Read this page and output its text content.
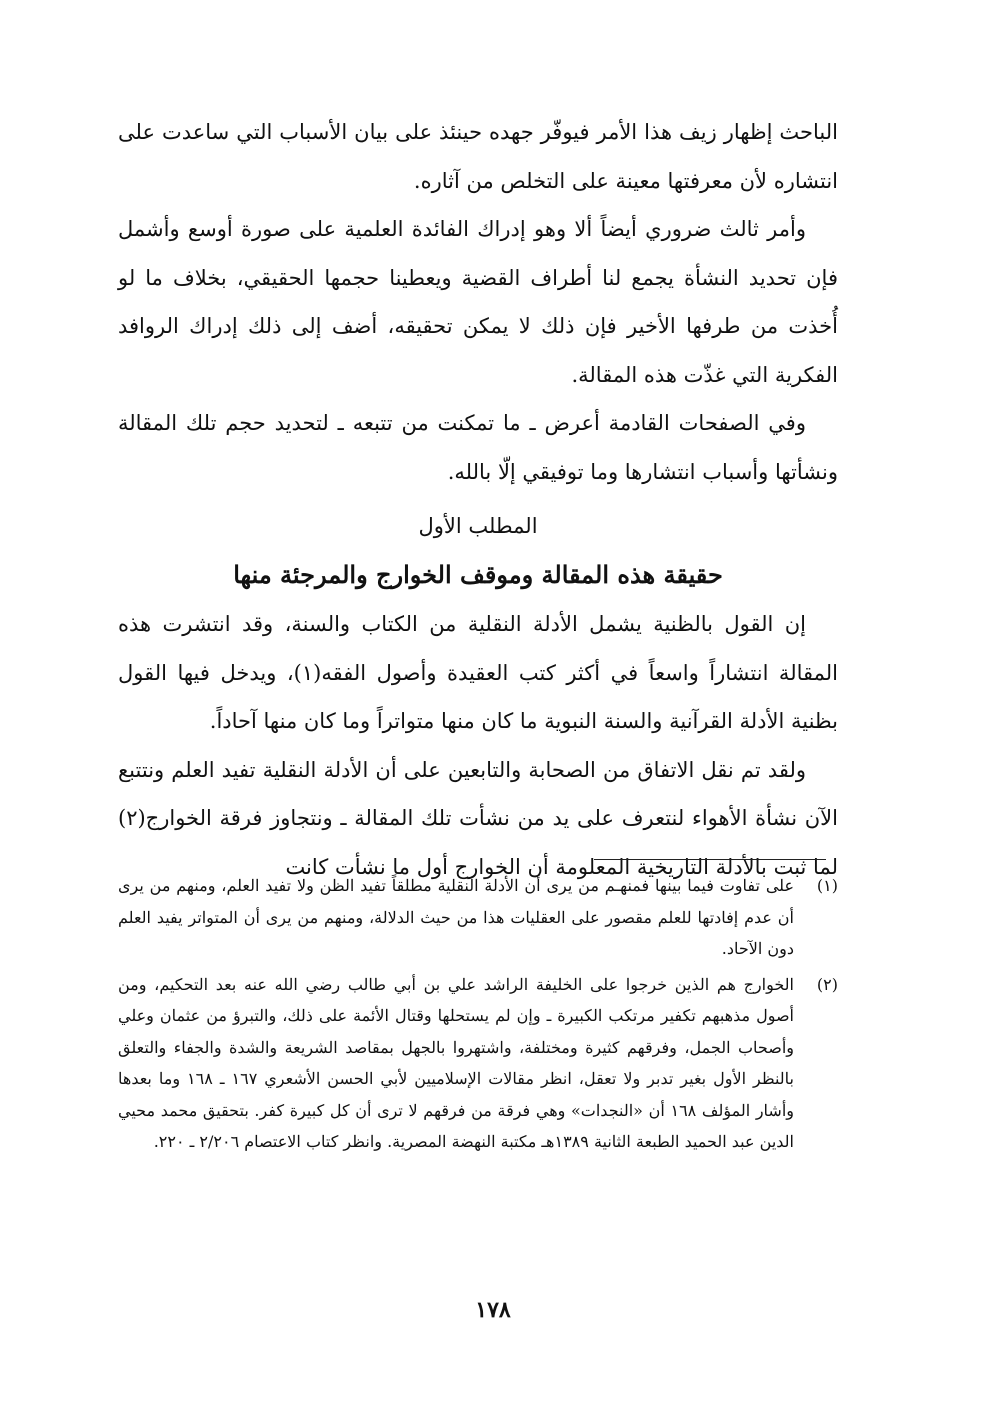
الباحث إظهار زيف هذا الأمر فيوفّر جهده حينئذ على بيان الأسباب التي ساعدت على انتشاره لأن معرفتها معينة على التخلص من آثاره.

وأمر ثالث ضروري أيضاً ألا وهو إدراك الفائدة العلمية على صورة أوسع وأشمل فإن تحديد النشأة يجمع لنا أطراف القضية ويعطينا حجمها الحقيقي، بخلاف ما لو أُخذت من طرفها الأخير فإن ذلك لا يمكن تحقيقه، أضف إلى ذلك إدراك الروافد الفكرية التي غذّت هذه المقالة.

وفي الصفحات القادمة أعرض ـ ما تمكنت من تتبعه ـ لتحديد حجم تلك المقالة ونشأتها وأسباب انتشارها وما توفيقي إلّا بالله.

المطلب الأول
حقيقة هذه المقالة وموقف الخوارج والمرجئة منها

إن القول بالظنية يشمل الأدلة النقلية من الكتاب والسنة، وقد انتشرت هذه المقالة انتشاراً واسعاً في أكثر كتب العقيدة وأصول الفقه(١)، ويدخل فيها القول بظنية الأدلة القرآنية والسنة النبوية ما كان منها متواتراً وما كان منها آحاداً.

ولقد تم نقل الاتفاق من الصحابة والتابعين على أن الأدلة النقلية تفيد العلم ونتتبع الآن نشأة الأهواء لنتعرف على يد من نشأت تلك المقالة ـ ونتجاوز فرقة الخوارج(٢) لما ثبت بالأدلة التاريخية المعلومة أن الخوارج أول ما نشأت كانت

(١)
على تفاوت فيما بينها فمنهـم من يرى أن الأدلة النقلية مطلقاً تفيد الظن ولا تفيد العلم، ومنهم من يرى أن عدم إفادتها للعلم مقصور على العقليات هذا من حيث الدلالة، ومنهم من يرى أن المتواتر يفيد العلم دون الآحاد.
(٢)
الخوارج هم الذين خرجوا على الخليفة الراشد علي بن أبي طالب رضي الله عنه بعد التحكيم، ومن أصول مذهبهم تكفير مرتكب الكبيرة ـ وإن لم يستحلها وقتال الأئمة على ذلك، والتبرؤ من عثمان وعلي وأصحاب الجمل، وفرقهم كثيرة ومختلفة، واشتهروا بالجهل بمقاصد الشريعة والشدة والجفاء والتعلق بالنظر الأول بغير تدبر ولا تعقل، انظر مقالات الإسلاميين لأبي الحسن الأشعري ١٦٧ ـ ١٦٨ وما بعدها وأشار المؤلف ١٦٨ أن «النجدات» وهي فرقة من فرقهم لا ترى أن كل كبيرة كفر. بتحقيق محمد محيي الدين عبد الحميد الطبعة الثانية ١٣٨٩هـ مكتبة النهضة المصرية. وانظر كتاب الاعتصام ٢/٢٠٦ ـ ٢٢٠.
١٧٨
